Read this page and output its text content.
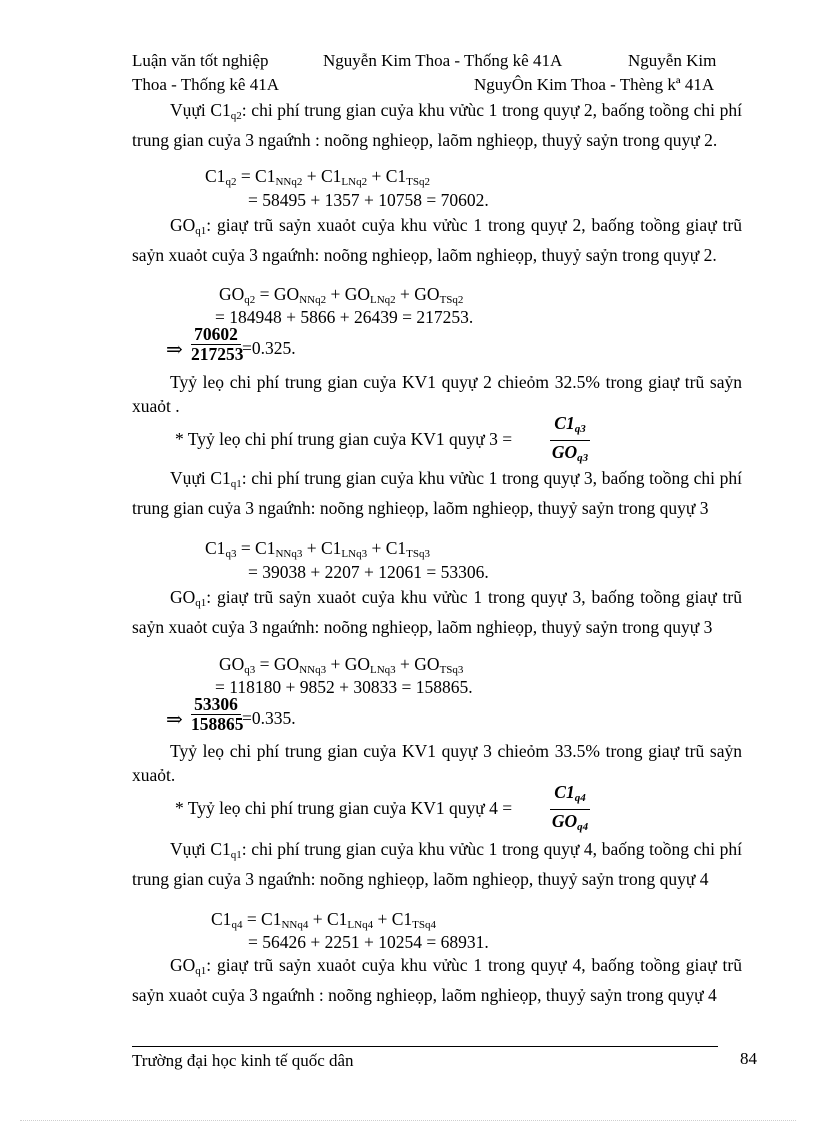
Luận văn tốt nghiệp	Nguyễn Kim Thoa - Thống kê 41A	Nguyễn Kim
Thoa - Thống kê 41A	NguyÔn Kim Thoa - Thèng kª 41A
Vụựi $C1_{q2}$: chi phí trung gian cuỷa khu vửùc 1 trong quyự 2, baống toồng chi phí trung gian cuỷa 3 ngaứnh : noõng nghieọp, laõm nghieọp, thuyỷ saỷn trong quyự 2.
$C1_{q2} = C1_{NNq2} + C1_{LNq2} + C1_{TSq2}$
= 58495 + 1357 + 10758 = 70602.
$GO_{q1}$: giaự trũ saỷn xuaỏt cuỷa khu vửùc 1 trong quyự 2, baống toồng giaự trũ saỷn xuaỏt cuỷa 3 ngaứnh: noõng nghieọp, laõm nghieọp, thuyỷ saỷn trong quyự 2.
$GO_{q2} = GO_{NNq2} + GO_{LNq2} + GO_{TSq2}$
= 184948 + 5866 + 26439 = 217253.
⇒ $\frac{70602}{217253} =0.325$.
Tyỷ leọ chi phí trung gian cuỷa KV1 quyự 2 chieỏm 32.5% trong giaự trũ saỷn xuaỏt .
* Tyỷ leọ chi phí trung gian cuỷa KV1 quyự 3 =
$C1_{q3}$
$GO_{q3}$
Vụựi $C1_{q1}$: chi phí trung gian cuỷa khu vửùc 1 trong quyự 3, baống toồng chi phí trung gian cuỷa 3 ngaứnh: noõng nghieọp, laõm nghieọp, thuyỷ saỷn trong quyự 3
$C1_{q3} = C1_{NNq3} + C1_{LNq3} + C1_{TSq3}$
= 39038 + 2207 + 12061 = 53306.
$GO_{q1}$: giaự trũ saỷn xuaỏt cuỷa khu vửùc 1 trong quyự 3, baống toồng giaự trũ saỷn xuaỏt cuỷa 3 ngaứnh: noõng nghieọp, laõm nghieọp, thuyỷ saỷn trong quyự 3
$GO_{q3} = GO_{NNq3} + GO_{LNq3} + GO_{TSq3}$
= 118180 + 9852 + 30833 = 158865.
⇒ $\frac{53306}{158865} =0.335$.
Tyỷ leọ chi phí trung gian cuỷa KV1 quyự 3 chieỏm 33.5% trong giaự trũ saỷn xuaỏt.
* Tyỷ leọ chi phí trung gian cuỷa KV1 quyự 4 =
$C1_{q4}$
$GO_{q4}$
Vụựi $C1_{q1}$: chi phí trung gian cuỷa khu vửùc 1 trong quyự 4, baống toồng chi phí trung gian cuỷa 3 ngaứnh: noõng nghieọp, laõm nghieọp, thuyỷ saỷn trong quyự 4
$C1_{q4} = C1_{NNq4} + C1_{LNq4} + C1_{TSq4}$
= 56426 + 2251 + 10254 = 68931.
$GO_{q1}$: giaự trũ saỷn xuaỏt cuỷa khu vửùc 1 trong quyự 4, baống toồng giaự trũ saỷn xuaỏt cuỷa 3 ngaứnh : noõng nghieọp, laõm nghieọp, thuyỷ saỷn trong quyự 4
Trường đại học kinh tế quốc dân	84
